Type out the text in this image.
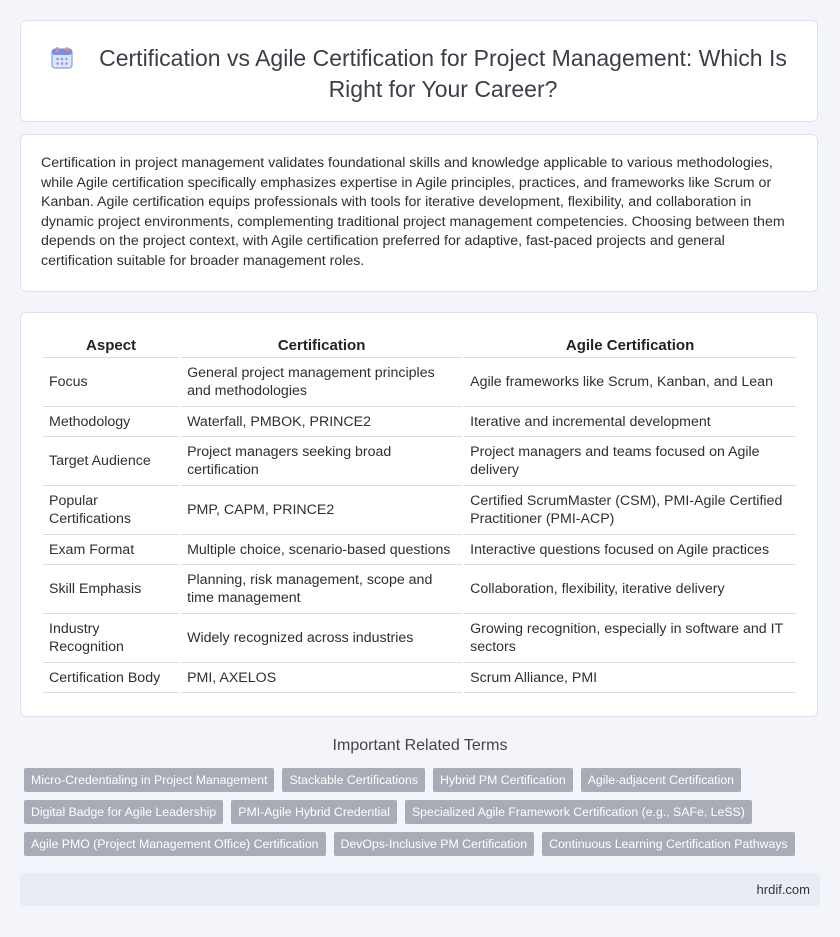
Certification vs Agile Certification for Project Management: Which Is Right for Your Career?

Certification in project management validates foundational skills and knowledge applicable to various methodologies, while Agile certification specifically emphasizes expertise in Agile principles, practices, and frameworks like Scrum or Kanban. Agile certification equips professionals with tools for iterative development, flexibility, and collaboration in dynamic project environments, complementing traditional project management competencies. Choosing between them depends on the project context, with Agile certification preferred for adaptive, fast-paced projects and general certification suitable for broader management roles.

Aspect	Certification	Agile Certification
Focus	General project management principles and methodologies	Agile frameworks like Scrum, Kanban, and Lean
Methodology	Waterfall, PMBOK, PRINCE2	Iterative and incremental development
Target Audience	Project managers seeking broad certification	Project managers and teams focused on Agile delivery
Popular Certifications	PMP, CAPM, PRINCE2	Certified ScrumMaster (CSM), PMI-Agile Certified Practitioner (PMI-ACP)
Exam Format	Multiple choice, scenario-based questions	Interactive questions focused on Agile practices
Skill Emphasis	Planning, risk management, scope and time management	Collaboration, flexibility, iterative delivery
Industry Recognition	Widely recognized across industries	Growing recognition, especially in software and IT sectors
Certification Body	PMI, AXELOS	Scrum Alliance, PMI
Important Related Terms
Micro-Credentialing in Project Management	Stackable Certifications	Hybrid PM Certification	Agile-adjacent Certification
Digital Badge for Agile Leadership	PMI-Agile Hybrid Credential	Specialized Agile Framework Certification (e.g., SAFe, LeSS)
Agile PMO (Project Management Office) Certification	DevOps-Inclusive PM Certification	Continuous Learning Certification Pathways
hrdif.com
